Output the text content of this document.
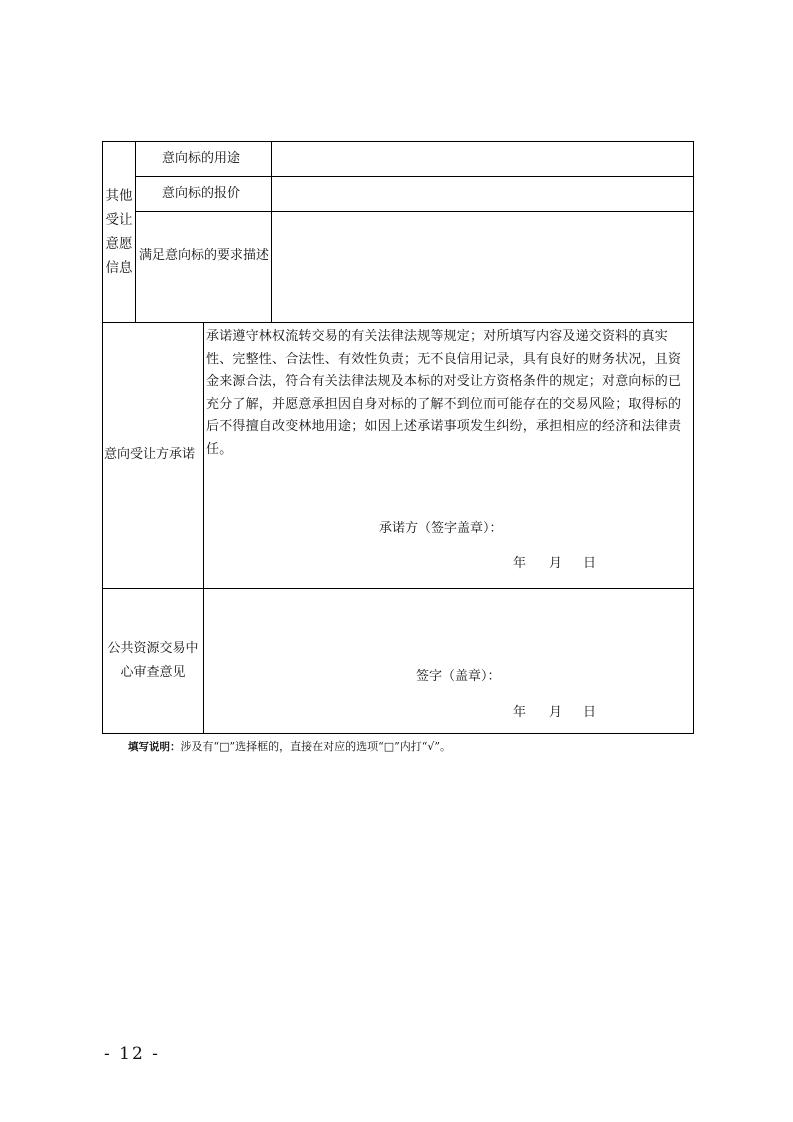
其他受让意愿信息
意向标的用途
意向标的报价
满足意向标的要求描述
意向受让方承诺
承诺遵守林权流转交易的有关法律法规等规定；对所填写内容及递交资料的真实性、完整性、合法性、有效性负责；无不良信用记录，具有良好的财务状况，且资金来源合法，符合有关法律法规及本标的对受让方资格条件的规定；对意向标的已充分了解，并愿意承担因自身对标的了解不到位而可能存在的交易风险；取得标的后不得擅自改变林地用途；如因上述承诺事项发生纠纷，承担相应的经济和法律责任。
承诺方（签字盖章）：
年 月 日
公共资源交易中心审查意见	签字（盖章）：
年 月 日
填写说明：涉及有“□”选择框的，直接在对应的选项“□”内打“√”。
- 12 -
